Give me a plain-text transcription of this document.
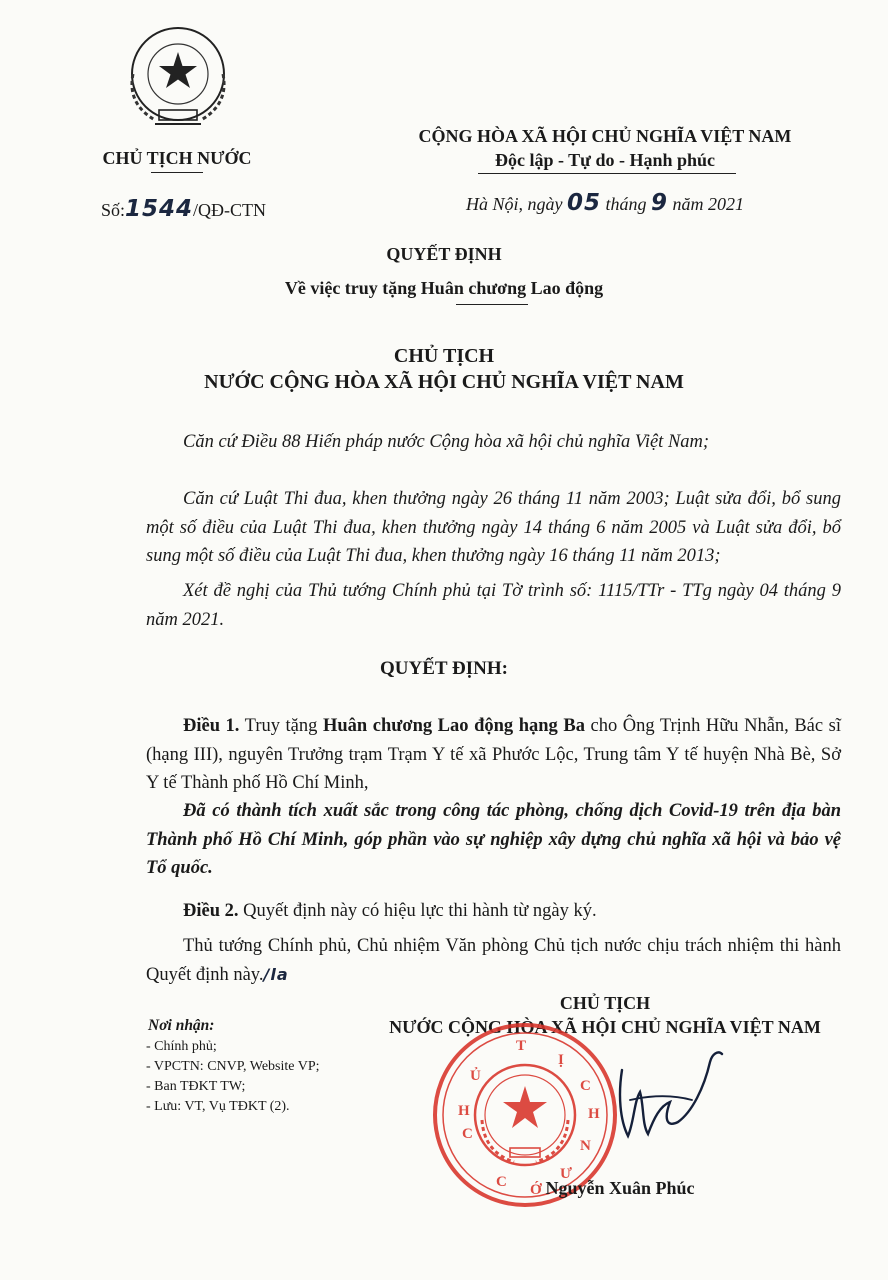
CHỦ TỊCH NƯỚC
Số:1544/QĐ-CTN
CỘNG HÒA XÃ HỘI CHỦ NGHĨA VIỆT NAM
Độc lập - Tự do - Hạnh phúc
Hà Nội, ngày 05 tháng 9 năm 2021
QUYẾT ĐỊNH
Về việc truy tặng Huân chương Lao động
CHỦ TỊCH
NƯỚC CỘNG HÒA XÃ HỘI CHỦ NGHĨA VIỆT NAM
Căn cứ Điều 88 Hiến pháp nước Cộng hòa xã hội chủ nghĩa Việt Nam;
Căn cứ Luật Thi đua, khen thưởng ngày 26 tháng 11 năm 2003; Luật sửa đổi, bổ sung một số điều của Luật Thi đua, khen thưởng ngày 14 tháng 6 năm 2005 và Luật sửa đổi, bổ sung một số điều của Luật Thi đua, khen thưởng ngày 16 tháng 11 năm 2013;
Xét đề nghị của Thủ tướng Chính phủ tại Tờ trình số: 1115/TTr - TTg ngày 04 tháng 9 năm 2021.
QUYẾT ĐỊNH:
Điều 1. Truy tặng Huân chương Lao động hạng Ba cho Ông Trịnh Hữu Nhẫn, Bác sĩ (hạng III), nguyên Trưởng trạm Trạm Y tế xã Phước Lộc, Trung tâm Y tế huyện Nhà Bè, Sở Y tế Thành phố Hồ Chí Minh,
Đã có thành tích xuất sắc trong công tác phòng, chống dịch Covid-19 trên địa bàn Thành phố Hồ Chí Minh, góp phần vào sự nghiệp xây dựng chủ nghĩa xã hội và bảo vệ Tổ quốc.
Điều 2. Quyết định này có hiệu lực thi hành từ ngày ký.
Thủ tướng Chính phủ, Chủ nhiệm Văn phòng Chủ tịch nước chịu trách nhiệm thi hành Quyết định này./la
Nơi nhận:
- Chính phủ;
- VPCTN: CNVP, Website VP;
- Ban TĐKT TW;
- Lưu: VT, Vụ TĐKT (2).
CHỦ TỊCH
NƯỚC CỘNG HÒA XÃ HỘI CHỦ NGHĨA VIỆT NAM
C
H
Ủ
T
Ị
C
H
N
Ư
Ớ
C	Nguyễn Xuân Phúc
